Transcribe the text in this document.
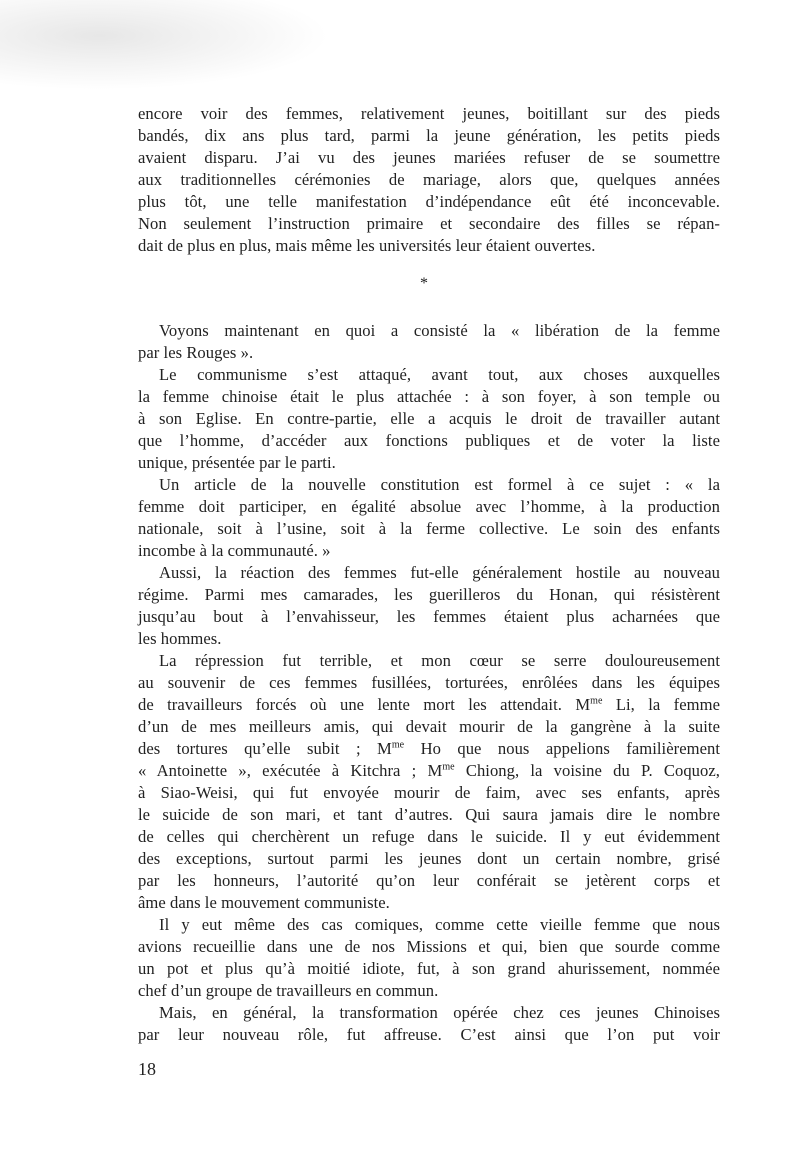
encore voir des femmes, relativement jeunes, boitillant sur des pieds

bandés, dix ans plus tard, parmi la jeune génération, les petits pieds

avaient disparu. J’ai vu des jeunes mariées refuser de se soumettre

aux traditionnelles cérémonies de mariage, alors que, quelques années

plus tôt, une telle manifestation d’indépendance eût été inconcevable.

Non seulement l’instruction primaire et secondaire des filles se répan-

dait de plus en plus, mais même les universités leur étaient ouvertes.

*

Voyons maintenant en quoi a consisté la « libération de la femme

par les Rouges ».

Le communisme s’est attaqué, avant tout, aux choses auxquelles

la femme chinoise était le plus attachée : à son foyer, à son temple ou

à son Eglise. En contre-partie, elle a acquis le droit de travailler autant

que l’homme, d’accéder aux fonctions publiques et de voter la liste

unique, présentée par le parti.

Un article de la nouvelle constitution est formel à ce sujet : « la

femme doit participer, en égalité absolue avec l’homme, à la production

nationale, soit à l’usine, soit à la ferme collective. Le soin des enfants

incombe à la communauté. »

Aussi, la réaction des femmes fut-elle généralement hostile au nouveau

régime. Parmi mes camarades, les guerilleros du Honan, qui résistèrent

jusqu’au bout à l’envahisseur, les femmes étaient plus acharnées que

les hommes.

La répression fut terrible, et mon cœur se serre douloureusement

au souvenir de ces femmes fusillées, torturées, enrôlées dans les équipes

de travailleurs forcés où une lente mort les attendait. $M^{me}$ Li, la femme

d’un de mes meilleurs amis, qui devait mourir de la gangrène à la suite

des tortures qu’elle subit ; $M^{me}$ Ho que nous appelions familièrement

« Antoinette », exécutée à Kitchra ; $M^{me}$ Chiong, la voisine du P. Coquoz,

à Siao-Weisi, qui fut envoyée mourir de faim, avec ses enfants, après

le suicide de son mari, et tant d’autres. Qui saura jamais dire le nombre

de celles qui cherchèrent un refuge dans le suicide. Il y eut évidemment

des exceptions, surtout parmi les jeunes dont un certain nombre, grisé

par les honneurs, l’autorité qu’on leur conférait se jetèrent corps et

âme dans le mouvement communiste.

Il y eut même des cas comiques, comme cette vieille femme que nous

avions recueillie dans une de nos Missions et qui, bien que sourde comme

un pot et plus qu’à moitié idiote, fut, à son grand ahurissement, nommée

chef d’un groupe de travailleurs en commun.

Mais, en général, la transformation opérée chez ces jeunes Chinoises

par leur nouveau rôle, fut affreuse. C’est ainsi que l’on put voir

18
